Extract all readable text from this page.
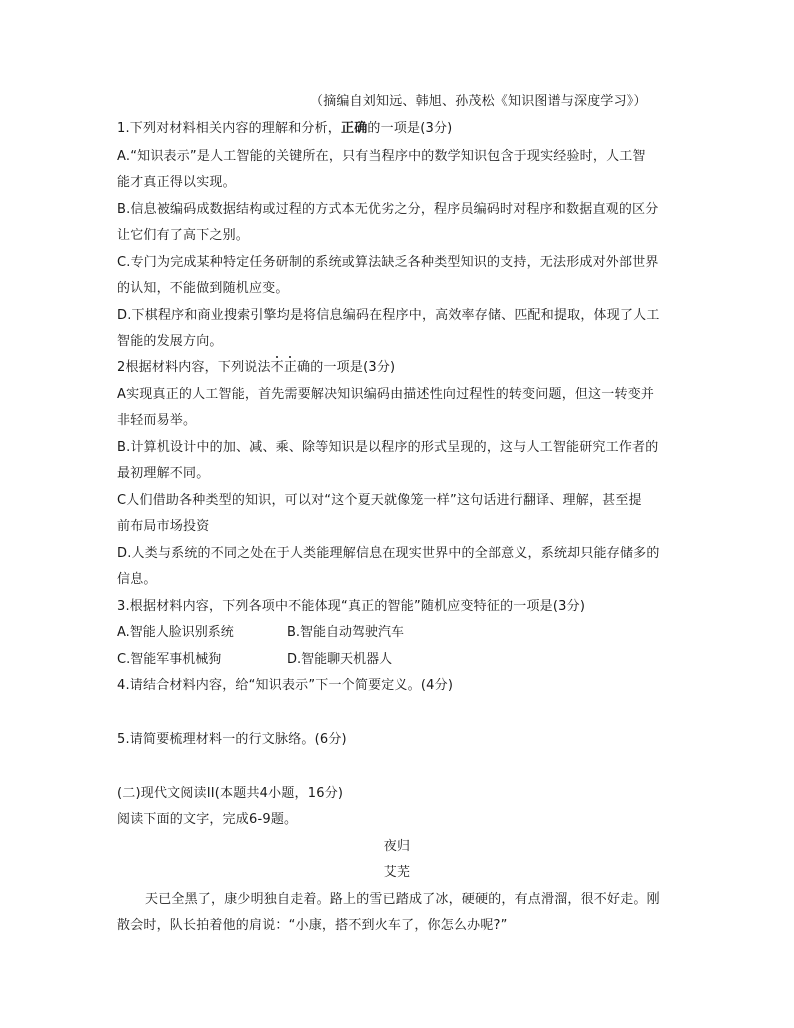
（摘编自刘知远、韩旭、孙茂松《知识图谱与深度学习》）
1.下列对材料相关内容的理解和分析，正确的一项是(3分)
A.“知识表示”是人工智能的关键所在，只有当程序中的数学知识包含于现实经验时，人工智
能才真正得以实现。
B.信息被编码成数据结构或过程的方式本无优劣之分，程序员编码时对程序和数据直观的区分
让它们有了高下之别。
C.专门为完成某种特定任务研制的系统或算法缺乏各种类型知识的支持，无法形成对外部世界
的认知，不能做到随机应变。
D.下棋程序和商业搜索引擎均是将信息编码在程序中，高效率存储、匹配和提取，体现了人工
智能的发展方向。
2根据材料内容，下列说法不正确的一项是(3分)
A实现真正的人工智能，首先需要解决知识编码由描述性向过程性的转变问题，但这一转变并
非轻而易举。
B.计算机设计中的加、减、乘、除等知识是以程序的形式呈现的，这与人工智能研究工作者的
最初理解不同。
C人们借助各种类型的知识，可以对“这个夏天就像笼一样”这句话进行翻译、理解，甚至提
前布局市场投资
D.人类与系统的不同之处在于人类能理解信息在现实世界中的全部意义，系统却只能存储多的
信息。
3.根据材料内容，下列各项中不能体现“真正的智能”随机应变特征的一项是(3分)
A.智能人脸识别系统	B.智能自动驾驶汽车
C.智能军事机械狗	D.智能聊天机器人
4.请结合材料内容，给“知识表示”下一个简要定义。(4分)
5.请简要梳理材料一的行文脉络。(6分)
(二)现代文阅读II(本题共4小题，16分)
阅读下面的文字，完成6-9题。
夜归
艾芜
天已全黑了，康少明独自走着。路上的雪已踏成了冰，硬硬的，有点滑溜，很不好走。刚
散会时，队长拍着他的肩说：“小康，搭不到火车了，你怎么办呢?”
